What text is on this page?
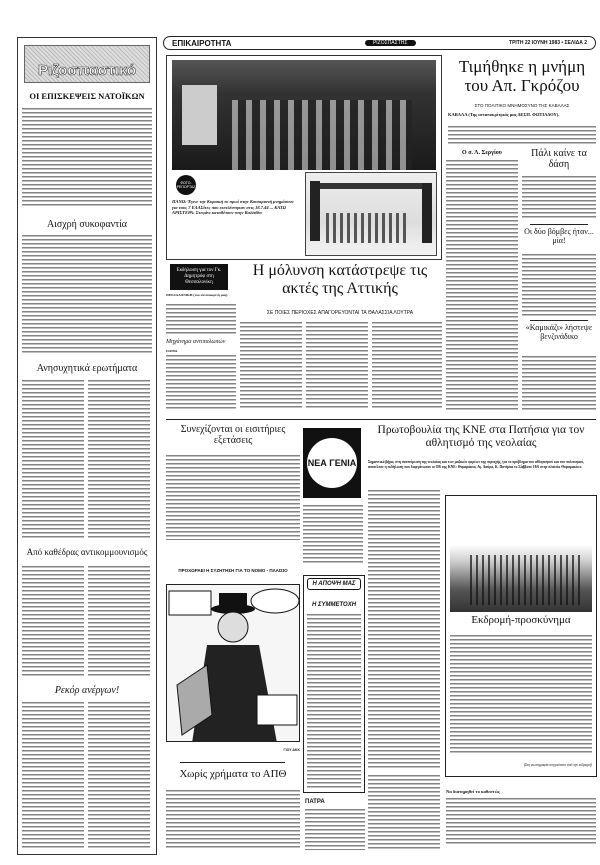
Ριζοσπαστικό
ΟΙ ΕΠΙΣΚΕΨΕΙΣ ΝΑΤΟΪΚΩΝ
Αισχρή συκοφαντία
Ανησυχητικά ερωτήματα
Από καθέδρας αντικομμουνισμός
Ρεκόρ ανέργων!
ΕΠΙΚΑΙΡΟΤΗΤΑ	ΡΙΖΟΣΠΑΣΤΗΣ	ΤΡΙΤΗ 22 ΙΟΥΝΗ 1983 • ΣΕΛΙΔΑ 2
ΦΩΤΟ-ΡΕΠΟΡΤΑΖ
ΠΑΝΩ: Έγινε την Κυριακή το πρωί στην Καισαριανή μνημόσυνο για τους 7 ΕΛΑΣίτες που εκτελέστηκαν στις 18.7.44 ... ΚΑΤΩ ΑΡΙΣΤΕΡΑ: Στεφάνι καταθέτουν στην Καλλιθέα
Τιμήθηκε η μνήμη του Απ. Γκρόζου
ΣΤΟ ΠΟΛΙΤΙΚΟ ΜΝΗΜΟΣΥΝΟ ΤΗΣ ΚΑΒΑΛΑΣ
ΚΑΒΑΛΑ (Της ανταποκρίτριάς μας ΔΕΣΠ. ΦΩΤΙΑΔΟΥ).
Ο σ. Λ. Σεργίου	Πάλι καίνε τα δάση
Οι δύο βόμβες ήταν... μία!
«Καμικάζι» λήστεψε βενζινάδικο
Εκδήλωση για τον Γκ. Δημητρόφ στη Θεσσαλονίκη
ΘΕΣΣΑΛΟΝΙΚΗ (του ανταποκριτή μας).
Μηχάνημα αντιπαλωπών
ΠΑΤΡΑ
Η μόλυνση κατάστρεψε τις ακτές της Αττικής
ΣΕ ΠΟΙΕΣ ΠΕΡΙΟΧΕΣ ΑΠΑΓΟΡΕΥΟΝΤΑΙ ΤΑ ΘΑΛΑΣΣΙΑ ΛΟΥΤΡΑ
Συνεχίζονται οι εισιτήριες εξετάσεις
ΝΕΑ ΓΕΝΙΑ
Πρωτοβουλία της ΚΝΕ στα Πατήσια για τον αθλητισμό της νεολαίας
Σημαντικό βήμα, στη συσπείρωση της νεολαίας και των μαζικών φορέων της περιοχής, για το πρόβλημα του αθλητισμού και του πολιτισμού, αποτέλεσε η εκδήλωση που διοργάνωσαν οι ΟΒ της ΚΝΕ: Θυμαράκια, Αγ. Λαύρα, Κ. Πατήσια το Σάββατο 18/6 στην πλατεία Θυμαρακίων.
ΠΡΟΧΩΡΑΕΙ Η ΣΥΖΗΤΗΣΗ ΓΙΑ ΤΟ ΝΟΜΟ - ΠΛΑΙΣΙΟ
ΓΙΟΥ ΑΚΚ
Η ΑΠΟΨΗ ΜΑΣ
Η ΣΥΜΜΕΤΟΧΗ
Χωρίς χρήματα το ΑΠΘ
ΠΑΤΡΑ
Εκδρομή-προσκύνημα
(Στη φωτογραφία στιγμιότυπο από την εκδρομή)
Να διατηρηθεί το καθεστώς
